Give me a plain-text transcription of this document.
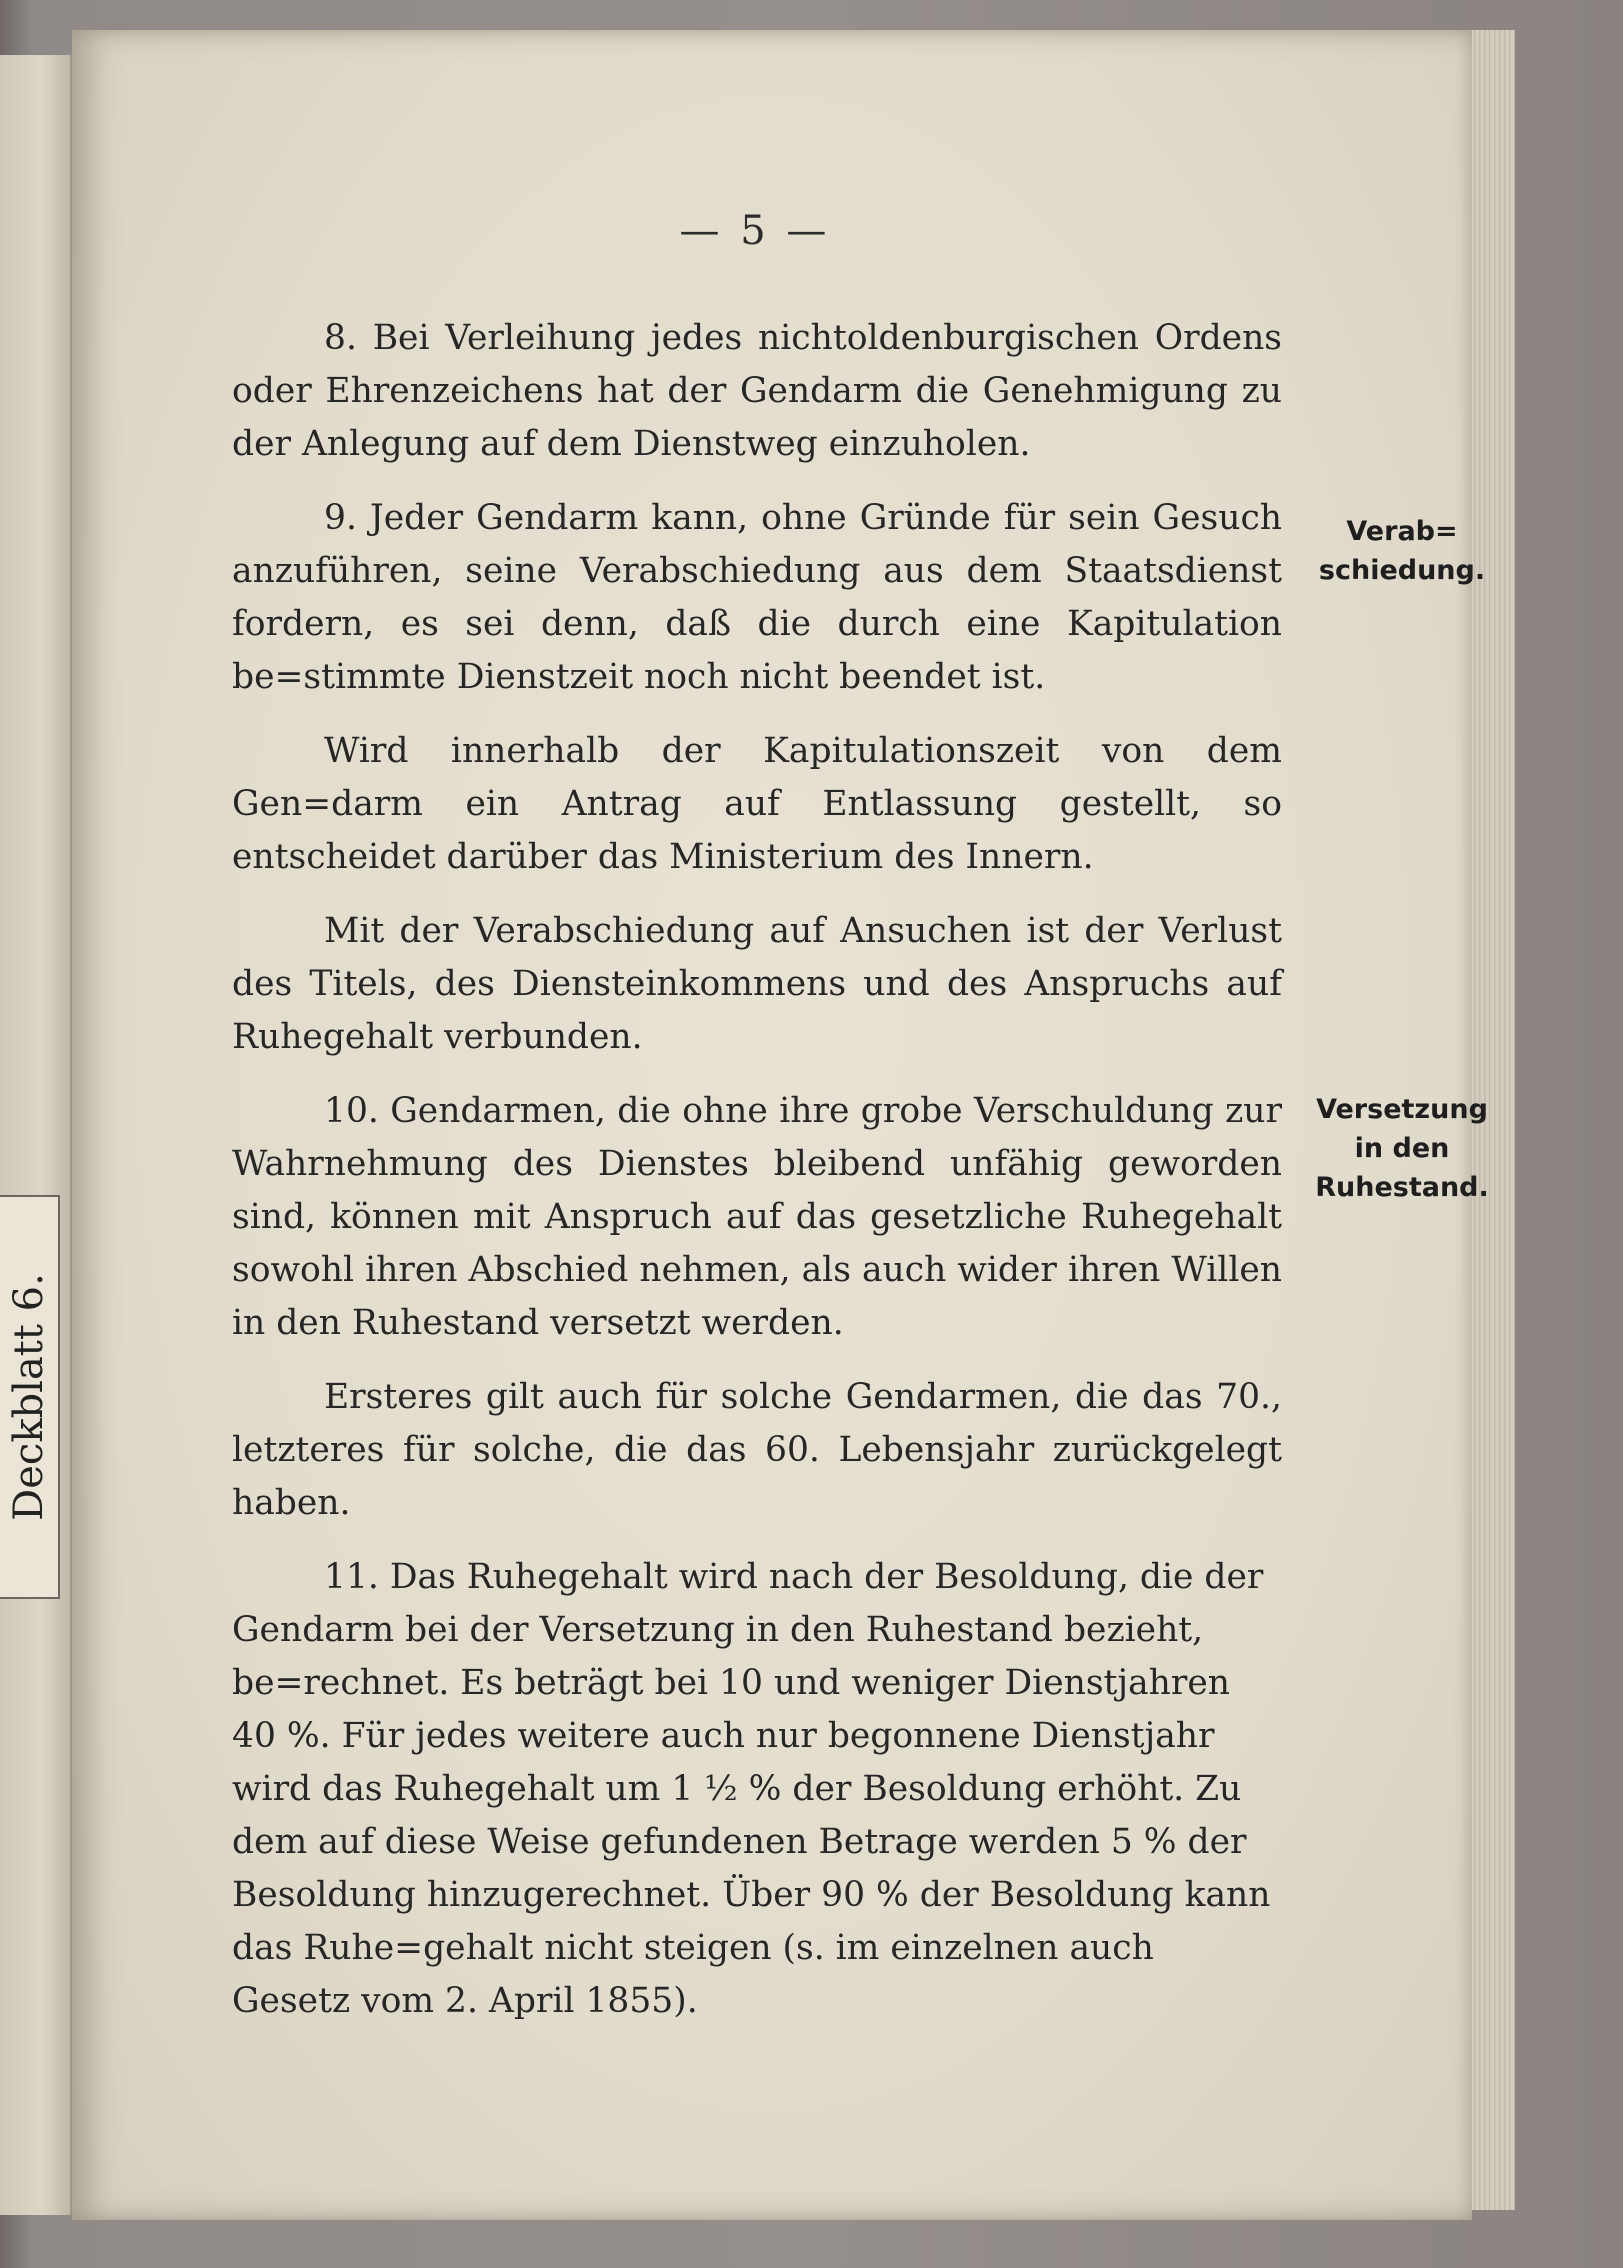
Deckblatt 6.
— 5 —

8. Bei Verleihung jedes nichtoldenburgischen Ordens oder Ehrenzeichens hat der Gendarm die Genehmigung zu der Anlegung auf dem Dienstweg einzuholen.

9. Jeder Gendarm kann, ohne Gründe für sein Gesuch anzuführen, seine Verabschiedung aus dem Staatsdienst fordern, es sei denn, daß die durch eine Kapitulation be=stimmte Dienstzeit noch nicht beendet ist.

Wird innerhalb der Kapitulationszeit von dem Gen=darm ein Antrag auf Entlassung gestellt, so entscheidet darüber das Ministerium des Innern.

Mit der Verabschiedung auf Ansuchen ist der Verlust des Titels, des Diensteinkommens und des Anspruchs auf Ruhegehalt verbunden.

10. Gendarmen, die ohne ihre grobe Verschuldung zur Wahrnehmung des Dienstes bleibend unfähig geworden sind, können mit Anspruch auf das gesetzliche Ruhegehalt sowohl ihren Abschied nehmen, als auch wider ihren Willen in den Ruhestand versetzt werden.

Ersteres gilt auch für solche Gendarmen, die das 70., letzteres für solche, die das 60. Lebensjahr zurückgelegt haben.

11. Das Ruhegehalt wird nach der Besoldung, die der Gendarm bei der Versetzung in den Ruhestand bezieht, be=rechnet. Es beträgt bei 10 und weniger Dienstjahren 40 %. Für jedes weitere auch nur begonnene Dienstjahr wird das Ruhegehalt um 1 ½ % der Besoldung erhöht. Zu dem auf diese Weise gefundenen Betrage werden 5 % der Besoldung hinzugerechnet. Über 90 % der Besoldung kann das Ruhe=gehalt nicht steigen (s. im einzelnen auch Gesetz vom 2. April 1855).

Verab=
schiedung.
Versetzung
in den
Ruhestand.
